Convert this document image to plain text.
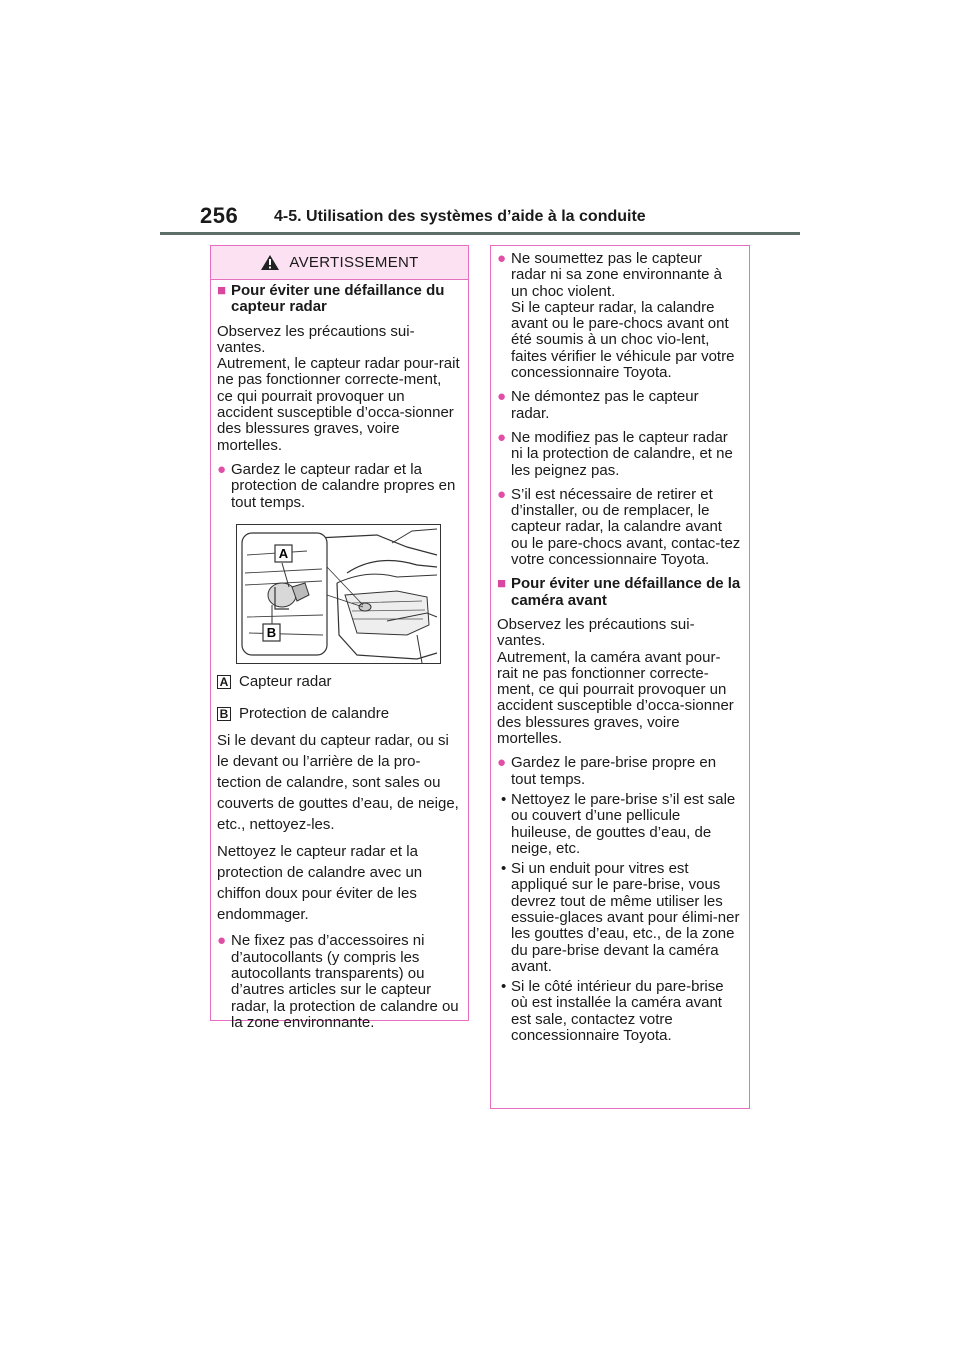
256 4-5. Utilisation des systèmes d’aide à la conduite
AVERTISSEMENT
■ Pour éviter une défaillance du capteur radar

Observez les précautions sui-vantes.

Autrement, le capteur radar pour-rait ne pas fonctionner correcte-ment, ce qui pourrait provoquer un accident susceptible d’occa-sionner des blessures graves, voire mortelles.

● Gardez le capteur radar et la protection de calandre propres en tout temps.
A
B
A Capteur radar
B Protection de calandre

Si le devant du capteur radar, ou si le devant ou l’arrière de la pro-tection de calandre, sont sales ou couverts de gouttes d’eau, de neige, etc., nettoyez-les.

Nettoyez le capteur radar et la protection de calandre avec un chiffon doux pour éviter de les endommager.

● Ne fixez pas d’accessoires ni d’autocollants (y compris les autocollants transparents) ou d’autres articles sur le capteur radar, la protection de calandre ou la zone environnante.
● Ne soumettez pas le capteur radar ni sa zone environnante à un choc violent.
Si le capteur radar, la calandre avant ou le pare-chocs avant ont été soumis à un choc vio-lent, faites vérifier le véhicule par votre concessionnaire Toyota.
● Ne démontez pas le capteur radar.
● Ne modifiez pas le capteur radar ni la protection de calandre, et ne les peignez pas.
● S’il est nécessaire de retirer et d’installer, ou de remplacer, le capteur radar, la calandre avant ou le pare-chocs avant, contac-tez votre concessionnaire Toyota.
■ Pour éviter une défaillance de la caméra avant

Observez les précautions sui-vantes.

Autrement, la caméra avant pour-rait ne pas fonctionner correcte-ment, ce qui pourrait provoquer un accident susceptible d’occa-sionner des blessures graves, voire mortelles.

● Gardez le pare-brise propre en tout temps.
• Nettoyez le pare-brise s’il est sale ou couvert d’une pellicule huileuse, de gouttes d’eau, de neige, etc.
• Si un enduit pour vitres est appliqué sur le pare-brise, vous devrez tout de même utiliser les essuie-glaces avant pour élimi-ner les gouttes d’eau, etc., de la zone du pare-brise devant la caméra avant.
• Si le côté intérieur du pare-brise où est installée la caméra avant est sale, contactez votre concessionnaire Toyota.
